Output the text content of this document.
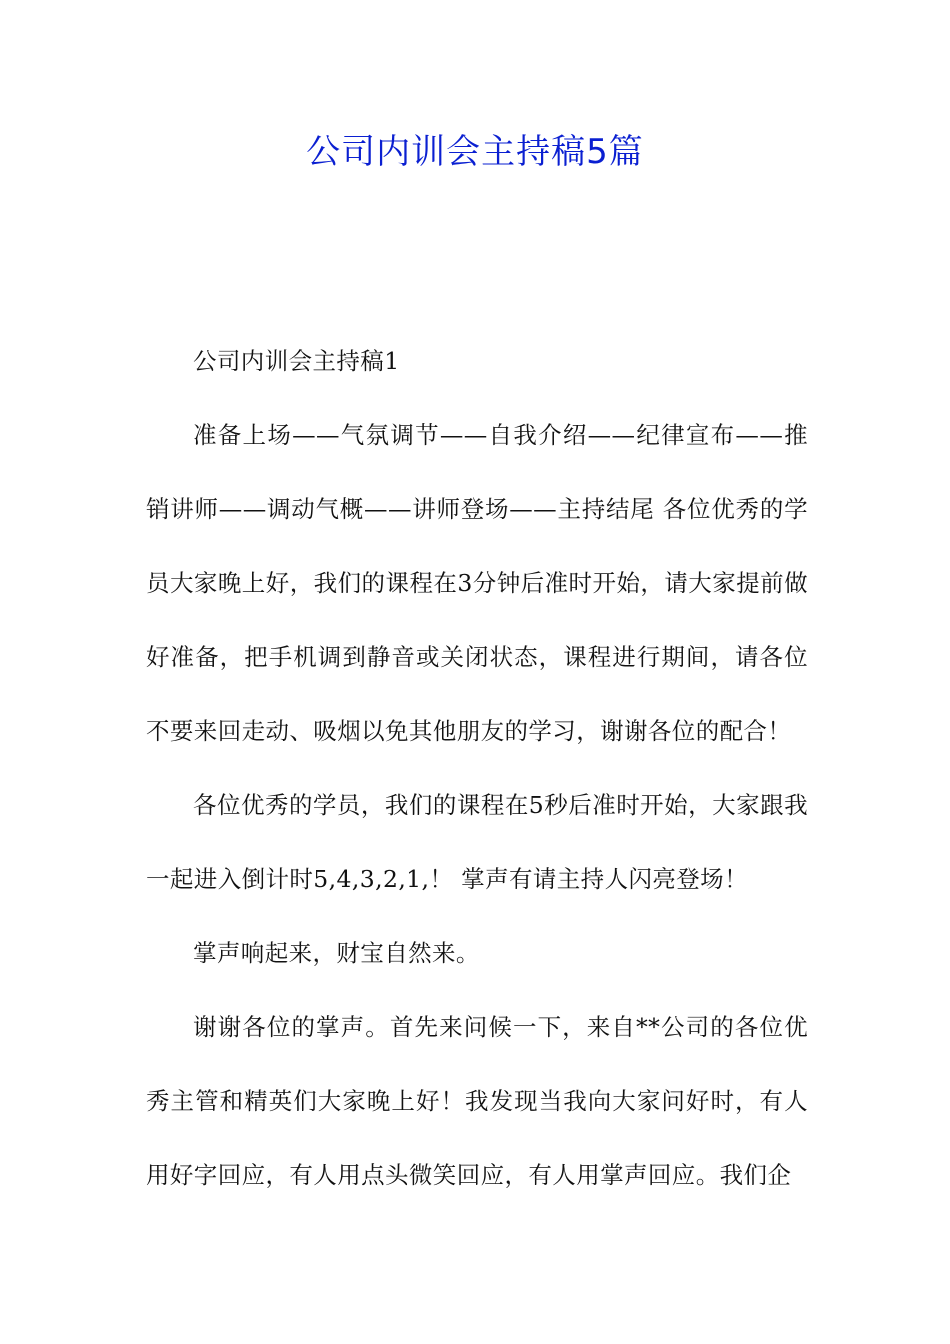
公司内训会主持稿5篇

公司内训会主持稿1

准备上场——气氛调节——自我介绍——纪律宣布——推销讲师——调动气概——讲师登场——主持结尾 各位优秀的学员大家晚上好，我们的课程在3分钟后准时开始，请大家提前做好准备，把手机调到静音或关闭状态，课程进行期间，请各位不要来回走动、吸烟以免其他朋友的学习，谢谢各位的配合！

各位优秀的学员，我们的课程在5秒后准时开始，大家跟我一起进入倒计时5,4,3,2,1,！ 掌声有请主持人闪亮登场！

掌声响起来，财宝自然来。

谢谢各位的掌声。首先来问候一下，来自**公司的各位优秀主管和精英们大家晚上好！我发现当我向大家问好时，有人用好字回应，有人用点头微笑回应，有人用掌声回应。我们企
